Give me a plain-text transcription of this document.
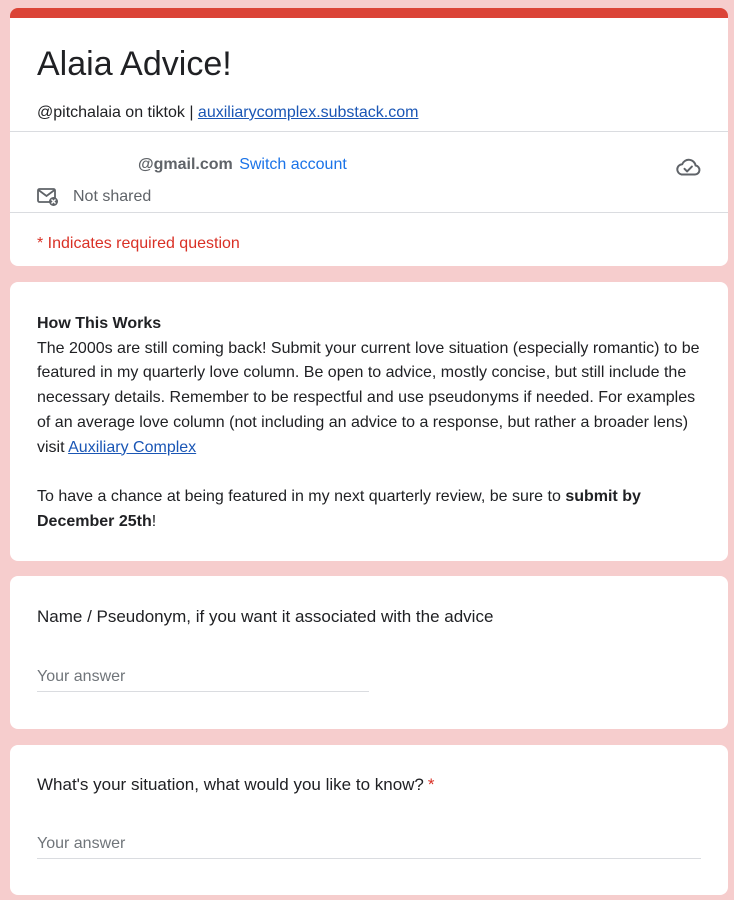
Alaia Advice!
@pitchalaia on tiktok | auxiliarycomplex.substack.com
@gmail.com Switch account
Not shared
* Indicates required question
How This Works
The 2000s are still coming back! Submit your current love situation (especially romantic) to be featured in my quarterly love column. Be open to advice, mostly concise, but still include the necessary details. Remember to be respectful and use pseudonyms if needed. For examples of an average love column (not including an advice to a response, but rather a broader lens) visit Auxiliary Complex
To have a chance at being featured in my next quarterly review, be sure to submit by December 25th!
Name / Pseudonym, if you want it associated with the advice
Your answer
What's your situation, what would you like to know? *
Your answer
